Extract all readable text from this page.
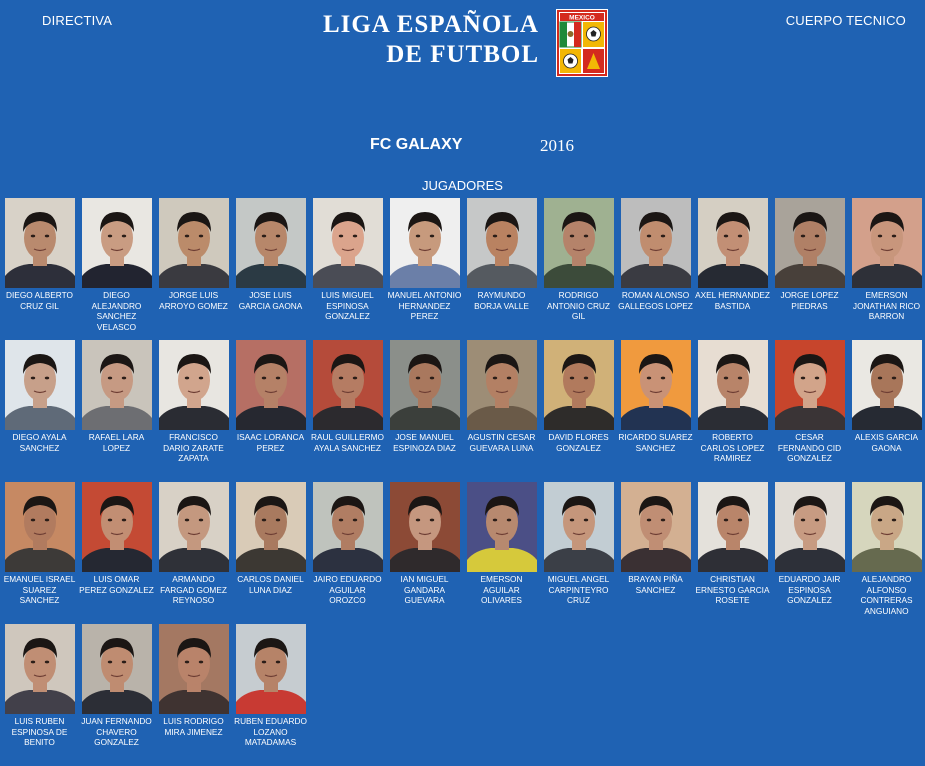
DIRECTIVA	CUERPO TECNICO
LIGA ESPAÑOLA
DE FUTBOL
MEXICO
FC GALAXY	2016
JUGADORES
DIEGO ALBERTO CRUZ GIL
DIEGO ALEJANDRO SANCHEZ VELASCO
JORGE LUIS ARROYO GOMEZ
JOSE LUIS GARCIA GAONA
LUIS MIGUEL ESPINOSA GONZALEZ
MANUEL ANTONIO HERNANDEZ PEREZ
RAYMUNDO BORJA VALLE
RODRIGO ANTONIO CRUZ GIL
ROMAN ALONSO GALLEGOS LOPEZ
AXEL HERNANDEZ BASTIDA
JORGE LOPEZ PIEDRAS
EMERSON JONATHAN RICO BARRON
DIEGO AYALA SANCHEZ
RAFAEL LARA LOPEZ
FRANCISCO DARIO ZARATE ZAPATA
ISAAC LORANCA PEREZ
RAUL GUILLERMO AYALA SANCHEZ
JOSE MANUEL ESPINOZA DIAZ
AGUSTIN CESAR GUEVARA LUNA
DAVID FLORES GONZALEZ
RICARDO SUAREZ SANCHEZ
ROBERTO CARLOS LOPEZ RAMIREZ
CESAR FERNANDO CID GONZALEZ
ALEXIS GARCIA GAONA
EMANUEL ISRAEL SUAREZ SANCHEZ
LUIS OMAR PEREZ GONZALEZ
ARMANDO FARGAD GOMEZ REYNOSO
CARLOS DANIEL LUNA DIAZ
JAIRO EDUARDO AGUILAR OROZCO
IAN MIGUEL GANDARA GUEVARA
EMERSON AGUILAR OLIVARES
MIGUEL ANGEL CARPINTEYRO CRUZ
BRAYAN PIÑA SANCHEZ
CHRISTIAN ERNESTO GARCIA ROSETE
EDUARDO JAIR ESPINOSA GONZALEZ
ALEJANDRO ALFONSO CONTRERAS ANGUIANO
LUIS RUBEN ESPINOSA DE BENITO
JUAN FERNANDO CHAVERO GONZALEZ
LUIS RODRIGO MIRA JIMENEZ
RUBEN EDUARDO LOZANO MATADAMAS
